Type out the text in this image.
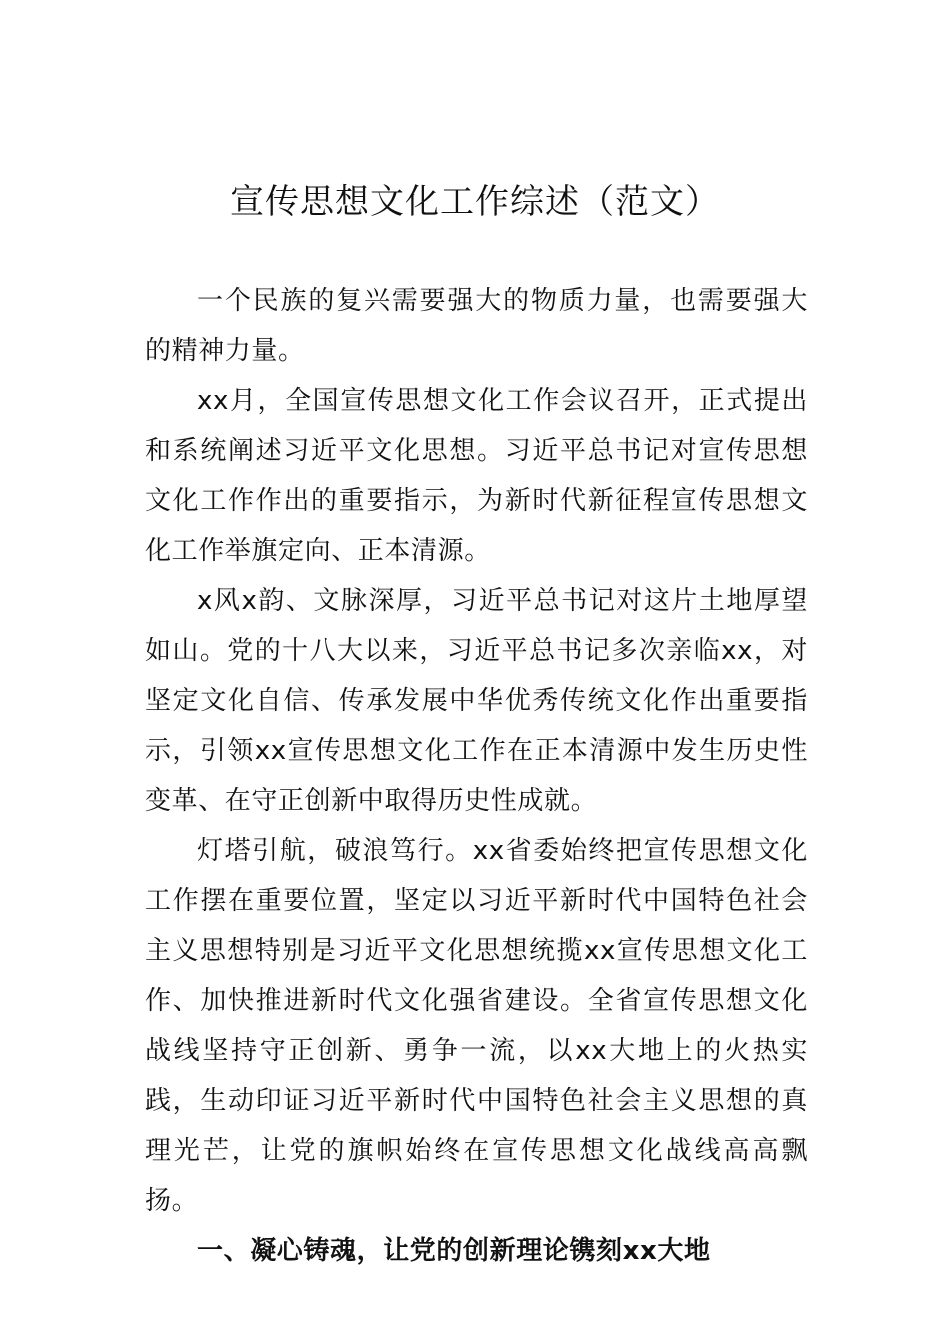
宣传思想文化工作综述（范文）

一个民族的复兴需要强大的物质力量，也需要强大的精神力量。

xx月，全国宣传思想文化工作会议召开，正式提出和系统阐述习近平文化思想。习近平总书记对宣传思想文化工作作出的重要指示，为新时代新征程宣传思想文化工作举旗定向、正本清源。

x风x韵、文脉深厚，习近平总书记对这片土地厚望如山。党的十八大以来，习近平总书记多次亲临xx，对坚定文化自信、传承发展中华优秀传统文化作出重要指示，引领xx宣传思想文化工作在正本清源中发生历史性变革、在守正创新中取得历史性成就。

灯塔引航，破浪笃行。xx省委始终把宣传思想文化工作摆在重要位置，坚定以习近平新时代中国特色社会主义思想特别是习近平文化思想统揽xx宣传思想文化工作、加快推进新时代文化强省建设。全省宣传思想文化战线坚持守正创新、勇争一流，以xx大地上的火热实践，生动印证习近平新时代中国特色社会主义思想的真理光芒，让党的旗帜始终在宣传思想文化战线高高飘扬。

一、凝心铸魂，让党的创新理论镌刻xx大地
